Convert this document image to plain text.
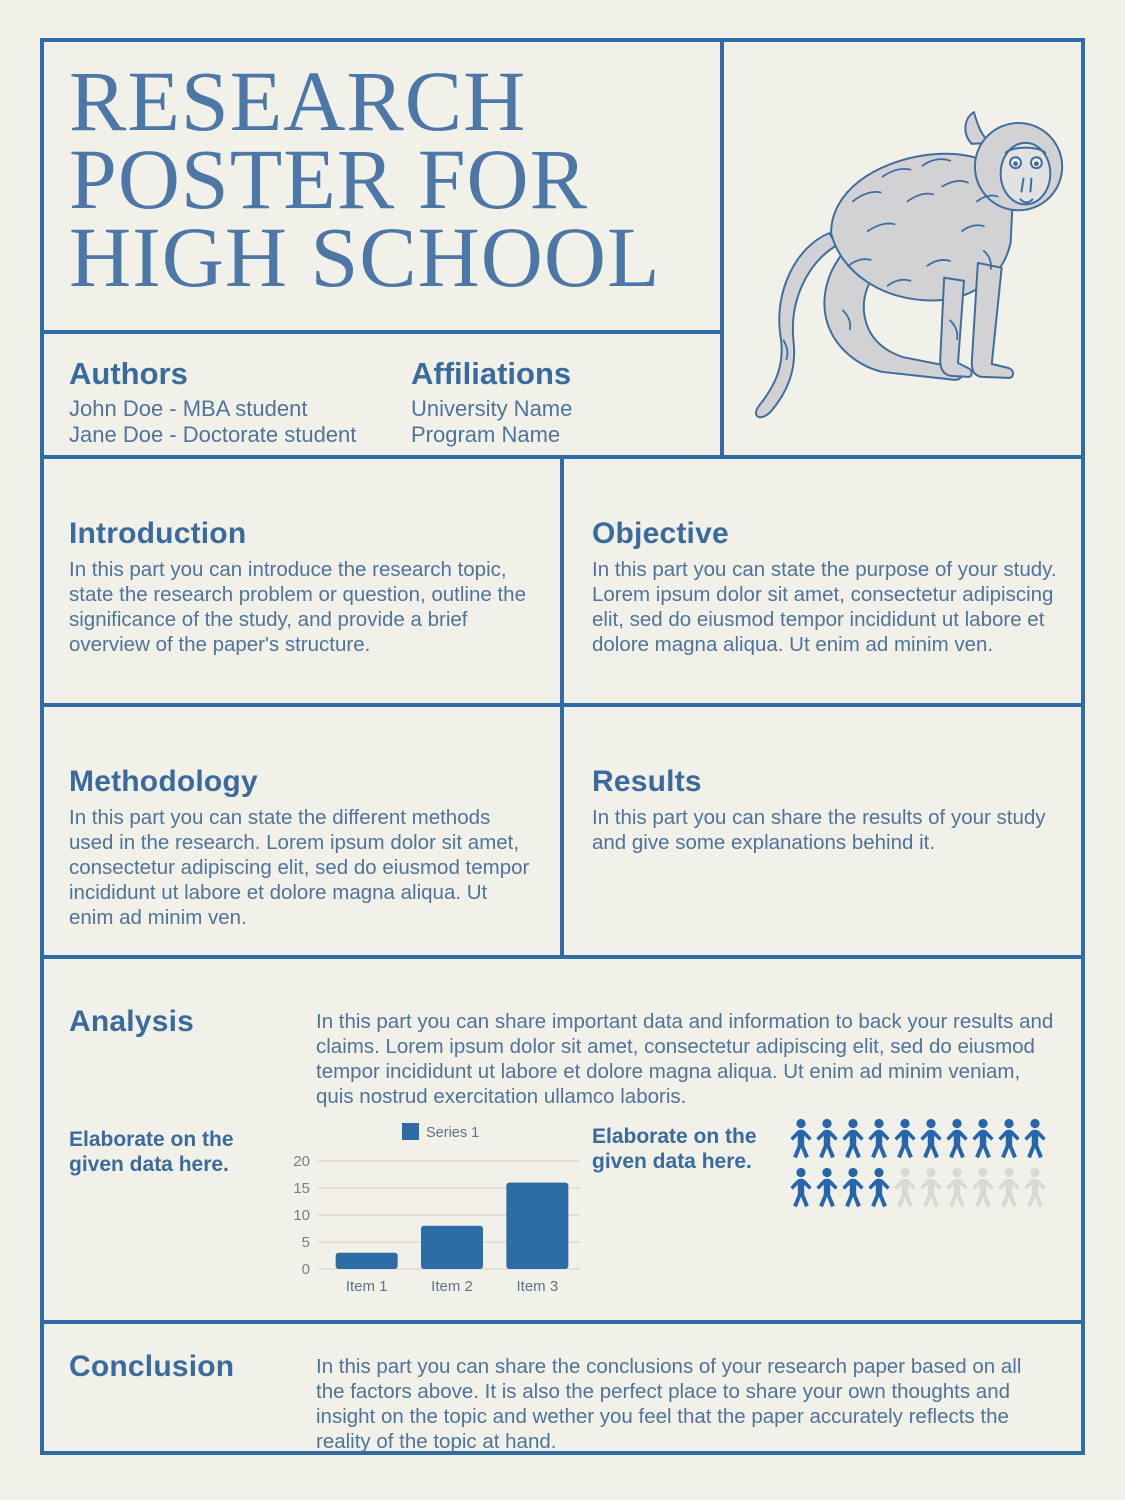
RESEARCH
POSTER FOR
HIGH SCHOOL

Authors

John Doe - MBA student
Jane Doe - Doctorate student

Affiliations

University Name
Program Name
Introduction

In this part you can introduce the research topic, state the research problem or question, outline the significance of the study, and provide a brief overview of the paper's structure.

Objective

In this part you can state the purpose of your study. Lorem ipsum dolor sit amet, consectetur adipiscing elit, sed do eiusmod tempor incididunt ut labore et dolore magna aliqua. Ut enim ad minim ven.

Methodology

In this part you can state the different methods used in the research. Lorem ipsum dolor sit amet, consectetur adipiscing elit, sed do eiusmod tempor incididunt ut labore et dolore magna aliqua. Ut enim ad minim ven.

Results

In this part you can share the results of your study and give some explanations behind it.

Analysis	In this part you can share important data and information to back your results and claims. Lorem ipsum dolor sit amet, consectetur adipiscing elit, sed do eiusmod tempor incididunt ut labore et dolore magna aliqua. Ut enim ad minim veniam, quis nostrud exercitation ullamco laboris.

Elaborate on the given data here.
0
5
10
15
20
Item 1	Item 2	Item 3
Series 1	Elaborate on the given data here.
Conclusion	In this part you can share the conclusions of your research paper based on all the factors above. It is also the perfect place to share your own thoughts and insight on the topic and wether you feel that the paper accurately reflects the reality of the topic at hand.
